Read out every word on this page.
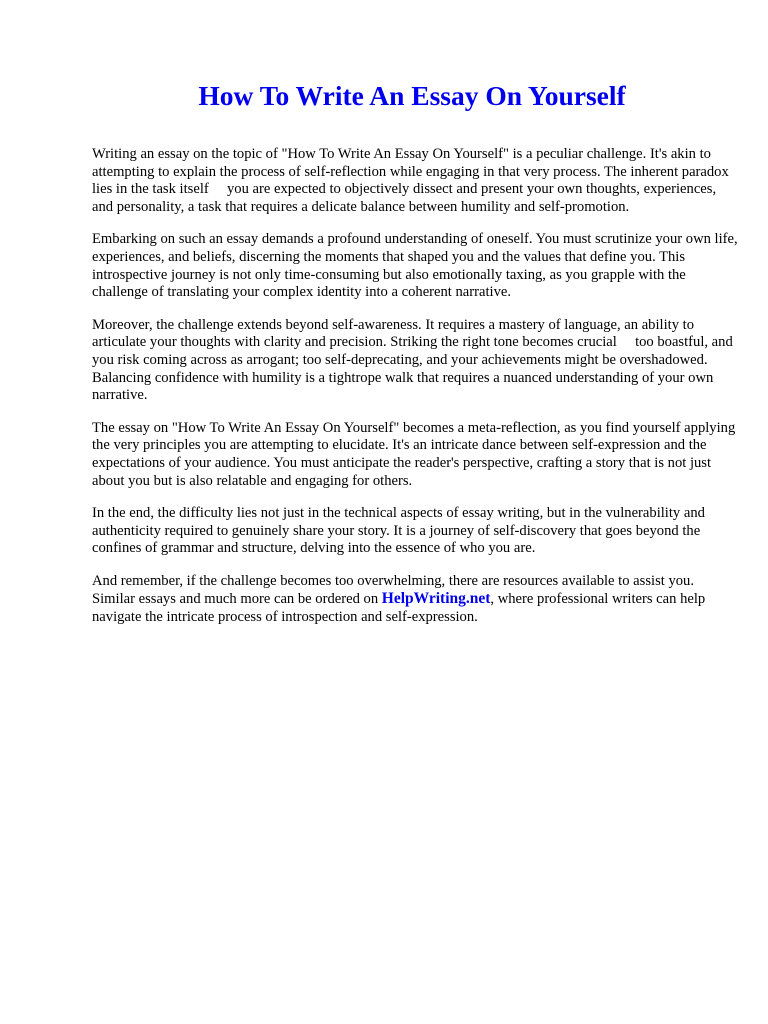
How To Write An Essay On Yourself

Writing an essay on the topic of "How To Write An Essay On Yourself" is a peculiar challenge. It's akin to attempting to explain the process of self-reflection while engaging in that very process. The inherent paradox lies in the task itself   you are expected to objectively dissect and present your own thoughts, experiences, and personality, a task that requires a delicate balance between humility and self-promotion.

Embarking on such an essay demands a profound understanding of oneself. You must scrutinize your own life, experiences, and beliefs, discerning the moments that shaped you and the values that define you. This introspective journey is not only time-consuming but also emotionally taxing, as you grapple with the challenge of translating your complex identity into a coherent narrative.

Moreover, the challenge extends beyond self-awareness. It requires a mastery of language, an ability to articulate your thoughts with clarity and precision. Striking the right tone becomes crucial   too boastful, and you risk coming across as arrogant; too self-deprecating, and your achievements might be overshadowed. Balancing confidence with humility is a tightrope walk that requires a nuanced understanding of your own narrative.

The essay on "How To Write An Essay On Yourself" becomes a meta-reflection, as you find yourself applying the very principles you are attempting to elucidate. It's an intricate dance between self-expression and the expectations of your audience. You must anticipate the reader's perspective, crafting a story that is not just about you but is also relatable and engaging for others.

In the end, the difficulty lies not just in the technical aspects of essay writing, but in the vulnerability and authenticity required to genuinely share your story. It is a journey of self-discovery that goes beyond the confines of grammar and structure, delving into the essence of who you are.

And remember, if the challenge becomes too overwhelming, there are resources available to assist you. Similar essays and much more can be ordered on HelpWriting.net, where professional writers can help navigate the intricate process of introspection and self-expression.
